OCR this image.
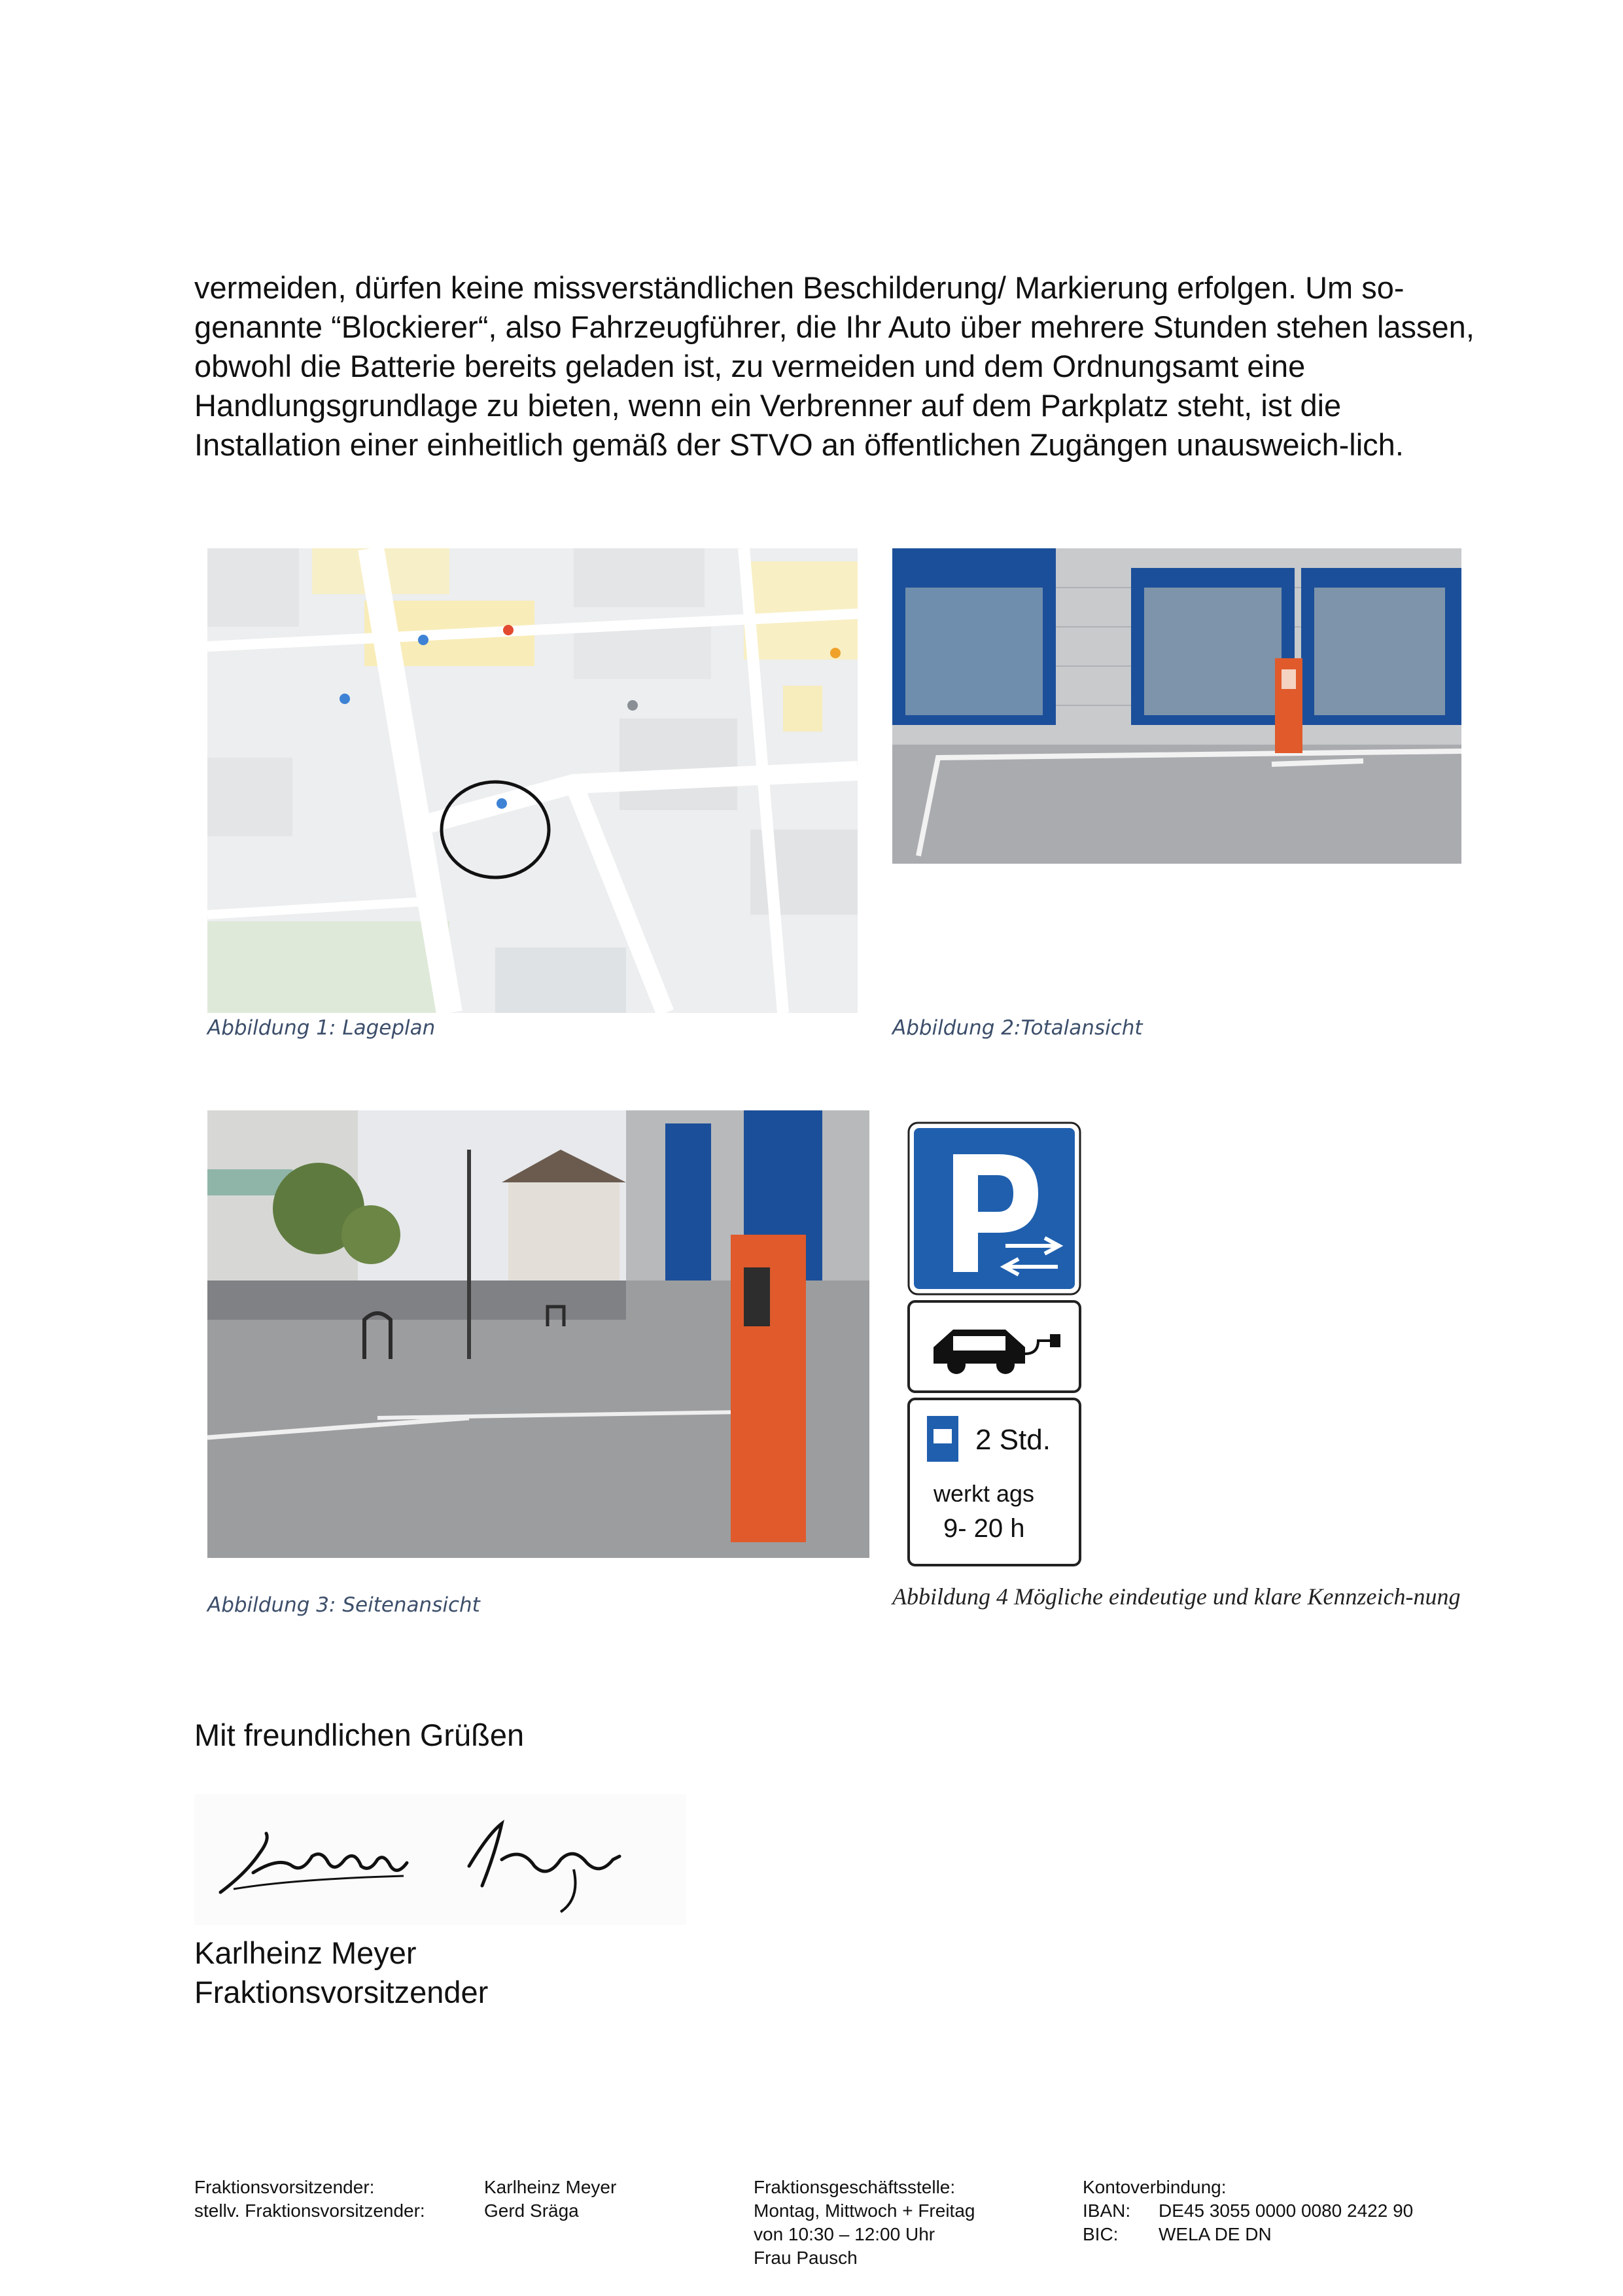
vermeiden, dürfen keine missverständlichen Beschilderung/ Markierung erfolgen. Um so-genannte “Blockierer“, also Fahrzeugführer, die Ihr Auto über mehrere Stunden stehen lassen, obwohl die Batterie bereits geladen ist, zu vermeiden und dem Ordnungsamt eine Handlungsgrundlage zu bieten, wenn ein Verbrenner auf dem Parkplatz steht, ist die Installation einer einheitlich gemäß der STVO an öffentlichen Zugängen unausweich-lich.

Abbildung 1: Lageplan	Abbildung 2:Totalansicht
Abbildung 3: Seitenansicht
2 Std.
werkt ags
9- 20 h
Abbildung 4 Mögliche eindeutige und klare Kennzeich-nung
Mit freundlichen Grüßen
Karlheinz Meyer
Fraktionsvorsitzender
Fraktionsvorsitzender:
stellv. Fraktionsvorsitzender:
Karlheinz Meyer
Gerd Sräga
Fraktionsgeschäftsstelle:
Montag, Mittwoch + Freitag
von 10:30 – 12:00 Uhr
Frau Pausch
Kontoverbindung:
IBAN: DE45 3055 0000 0080 2422 90
BIC: WELA DE DN
